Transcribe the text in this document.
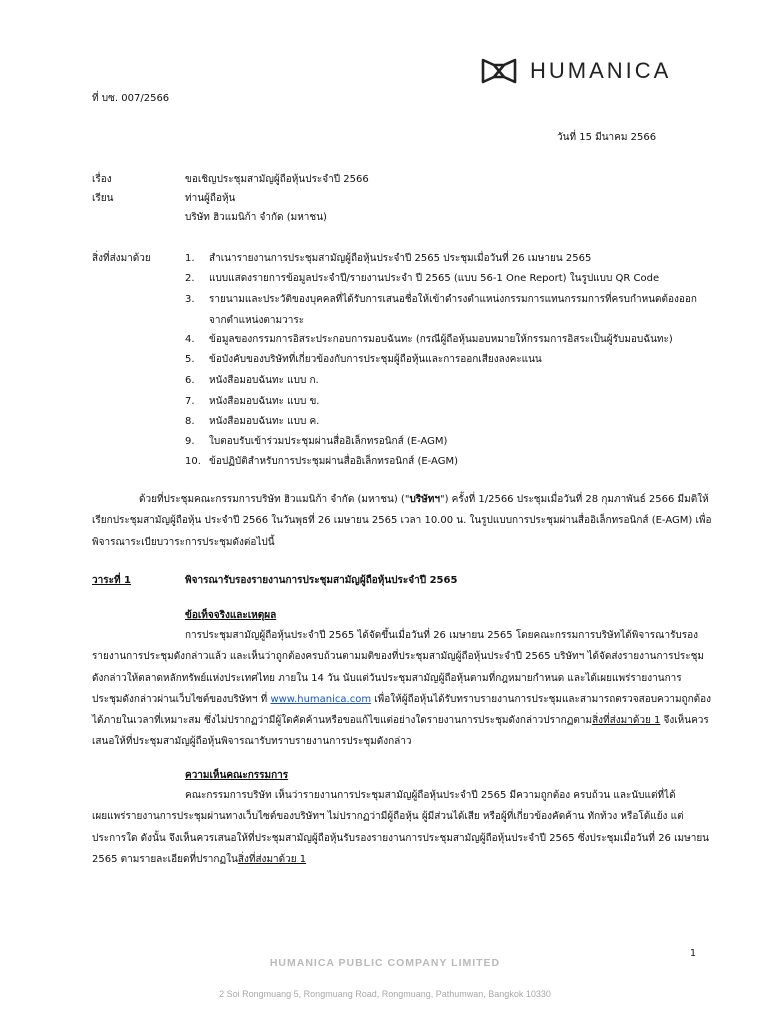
HUMANICA
ที่ บซ. 007/2566
วันที่ 15 มีนาคม 2566
เรื่อง	ขอเชิญประชุมสามัญผู้ถือหุ้นประจำปี 2566
เรียน	ท่านผู้ถือหุ้น
บริษัท ฮิวแมนิก้า จำกัด (มหาชน)
สิ่งที่ส่งมาด้วย	1.	สำเนารายงานการประชุมสามัญผู้ถือหุ้นประจำปี 2565 ประชุมเมื่อวันที่ 26 เมษายน 2565
2.	แบบแสดงรายการข้อมูลประจำปี/รายงานประจำ ปี 2565 (แบบ 56-1 One Report) ในรูปแบบ QR Code
3.	รายนามและประวัติของบุคคลที่ได้รับการเสนอชื่อให้เข้าดำรงตำแหน่งกรรมการแทนกรรมการที่ครบกำหนดต้องออก
จากตำแหน่งตามวาระ
4.	ข้อมูลของกรรมการอิสระประกอบการมอบฉันทะ (กรณีผู้ถือหุ้นมอบหมายให้กรรมการอิสระเป็นผู้รับมอบฉันทะ)
5.	ข้อบังคับของบริษัทที่เกี่ยวข้องกับการประชุมผู้ถือหุ้นและการออกเสียงลงคะแนน
6.	หนังสือมอบฉันทะ แบบ ก.
7.	หนังสือมอบฉันทะ แบบ ข.
8.	หนังสือมอบฉันทะ แบบ ค.
9.	ใบตอบรับเข้าร่วมประชุมผ่านสื่ออิเล็กทรอนิกส์ (E-AGM)
10. ข้อปฏิบัติสำหรับการประชุมผ่านสื่ออิเล็กทรอนิกส์ (E-AGM)
ด้วยที่ประชุมคณะกรรมการบริษัท ฮิวแมนิก้า จำกัด (มหาชน) ("บริษัทฯ") ครั้งที่ 1/2566 ประชุมเมื่อวันที่ 28 กุมภาพันธ์ 2566 มีมติให้
เรียกประชุมสามัญผู้ถือหุ้น ประจำปี 2566 ในวันพุธที่ 26 เมษายน 2565 เวลา 10.00 น. ในรูปแบบการประชุมผ่านสื่ออิเล็กทรอนิกส์ (E-AGM) เพื่อ
พิจารณาระเบียบวาระการประชุมดังต่อไปนี้
วาระที่ 1	พิจารณารับรองรายงานการประชุมสามัญผู้ถือหุ้นประจำปี 2565
ข้อเท็จจริงและเหตุผล
การประชุมสามัญผู้ถือหุ้นประจำปี 2565 ได้จัดขึ้นเมื่อวันที่ 26 เมษายน 2565 โดยคณะกรรมการบริษัทได้พิจารณารับรอง
รายงานการประชุมดังกล่าวแล้ว และเห็นว่าถูกต้องครบถ้วนตามมติของที่ประชุมสามัญผู้ถือหุ้นประจำปี 2565 บริษัทฯ ได้จัดส่งรายงานการประชุม
ดังกล่าวให้ตลาดหลักทรัพย์แห่งประเทศไทย ภายใน 14 วัน นับแต่วันประชุมสามัญผู้ถือหุ้นตามที่กฎหมายกำหนด และได้เผยแพร่รายงานการ
ประชุมดังกล่าวผ่านเว็บไซต์ของบริษัทฯ ที่ www.humanica.com เพื่อให้ผู้ถือหุ้นได้รับทราบรายงานการประชุมและสามารถตรวจสอบความถูกต้อง
ได้ภายในเวลาที่เหมาะสม ซึ่งไม่ปรากฏว่ามีผู้ใดคัดค้านหรือขอแก้ไขแต่อย่างใดรายงานการประชุมดังกล่าวปรากฏตามสิ่งที่ส่งมาด้วย 1 จึงเห็นควร
เสนอให้ที่ประชุมสามัญผู้ถือหุ้นพิจารณารับทราบรายงานการประชุมดังกล่าว
ความเห็นคณะกรรมการ
คณะกรรมการบริษัท เห็นว่ารายงานการประชุมสามัญผู้ถือหุ้นประจำปี 2565 มีความถูกต้อง ครบถ้วน และนับแต่ที่ได้
เผยแพร่รายงานการประชุมผ่านทางเว็บไซต์ของบริษัทฯ ไม่ปรากฏว่ามีผู้ถือหุ้น ผู้มีส่วนได้เสีย หรือผู้ที่เกี่ยวข้องคัดค้าน ทักท้วง หรือโต้แย้ง แต่
ประการใด ดังนั้น จึงเห็นควรเสนอให้ที่ประชุมสามัญผู้ถือหุ้นรับรองรายงานการประชุมสามัญผู้ถือหุ้นประจำปี 2565 ซึ่งประชุมเมื่อวันที่ 26 เมษายน
2565 ตามรายละเอียดที่ปรากฏในสิ่งที่ส่งมาด้วย 1
1
HUMANICA PUBLIC COMPANY LIMITED
2 Soi Rongmuang 5, Rongmuang Road, Rongmuang, Pathumwan, Bangkok 10330
